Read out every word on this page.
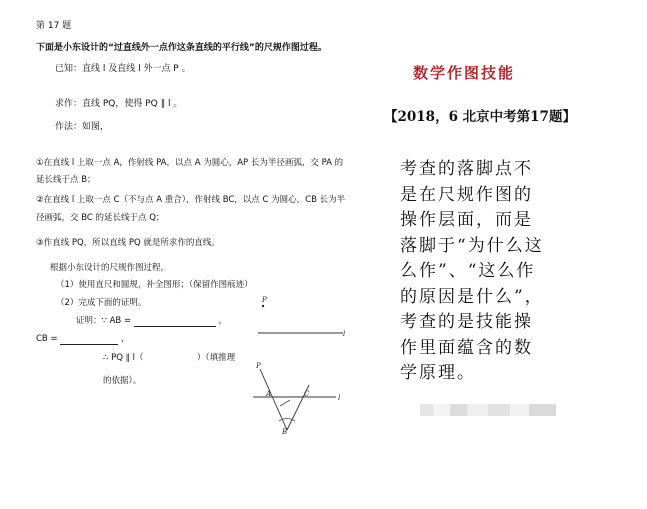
第 17 题
下面是小东设计的“过直线外一点作这条直线的平行线”的尺规作图过程。
已知：直线 l 及直线 l 外一点 P 。
求作：直线 PQ，使得 PQ ∥ l 。
作法：如图，
①在直线 l 上取一点 A，作射线 PA，以点 A 为圆心，AP 长为半径画弧，交 PA 的
延长线于点 B；
②在直线 l 上取一点 C（不与点 A 重合），作射线 BC，以点 C 为圆心，CB 长为半
径画弧，交 BC 的延长线于点 Q；
③作直线 PQ，所以直线 PQ 就是所求作的直线。
根据小东设计的尺规作图过程，
（1）使用直尺和圆规，补全图形；（保留作图痕迹）
（2）完成下面的证明。
证明：∵ AB =	，
CB =	，
∴ PQ ∥ l（	）（填推理
的依据）。
P
l
P
A	C	l
B
数学作图技能
【2018，6 北京中考第17题】
考查的落脚点不是在尺规作图的操作层面，而是落脚于“为什么这么作”、“这么作的原因是什么”，考查的是技能操作里面蕴含的数学原理。
